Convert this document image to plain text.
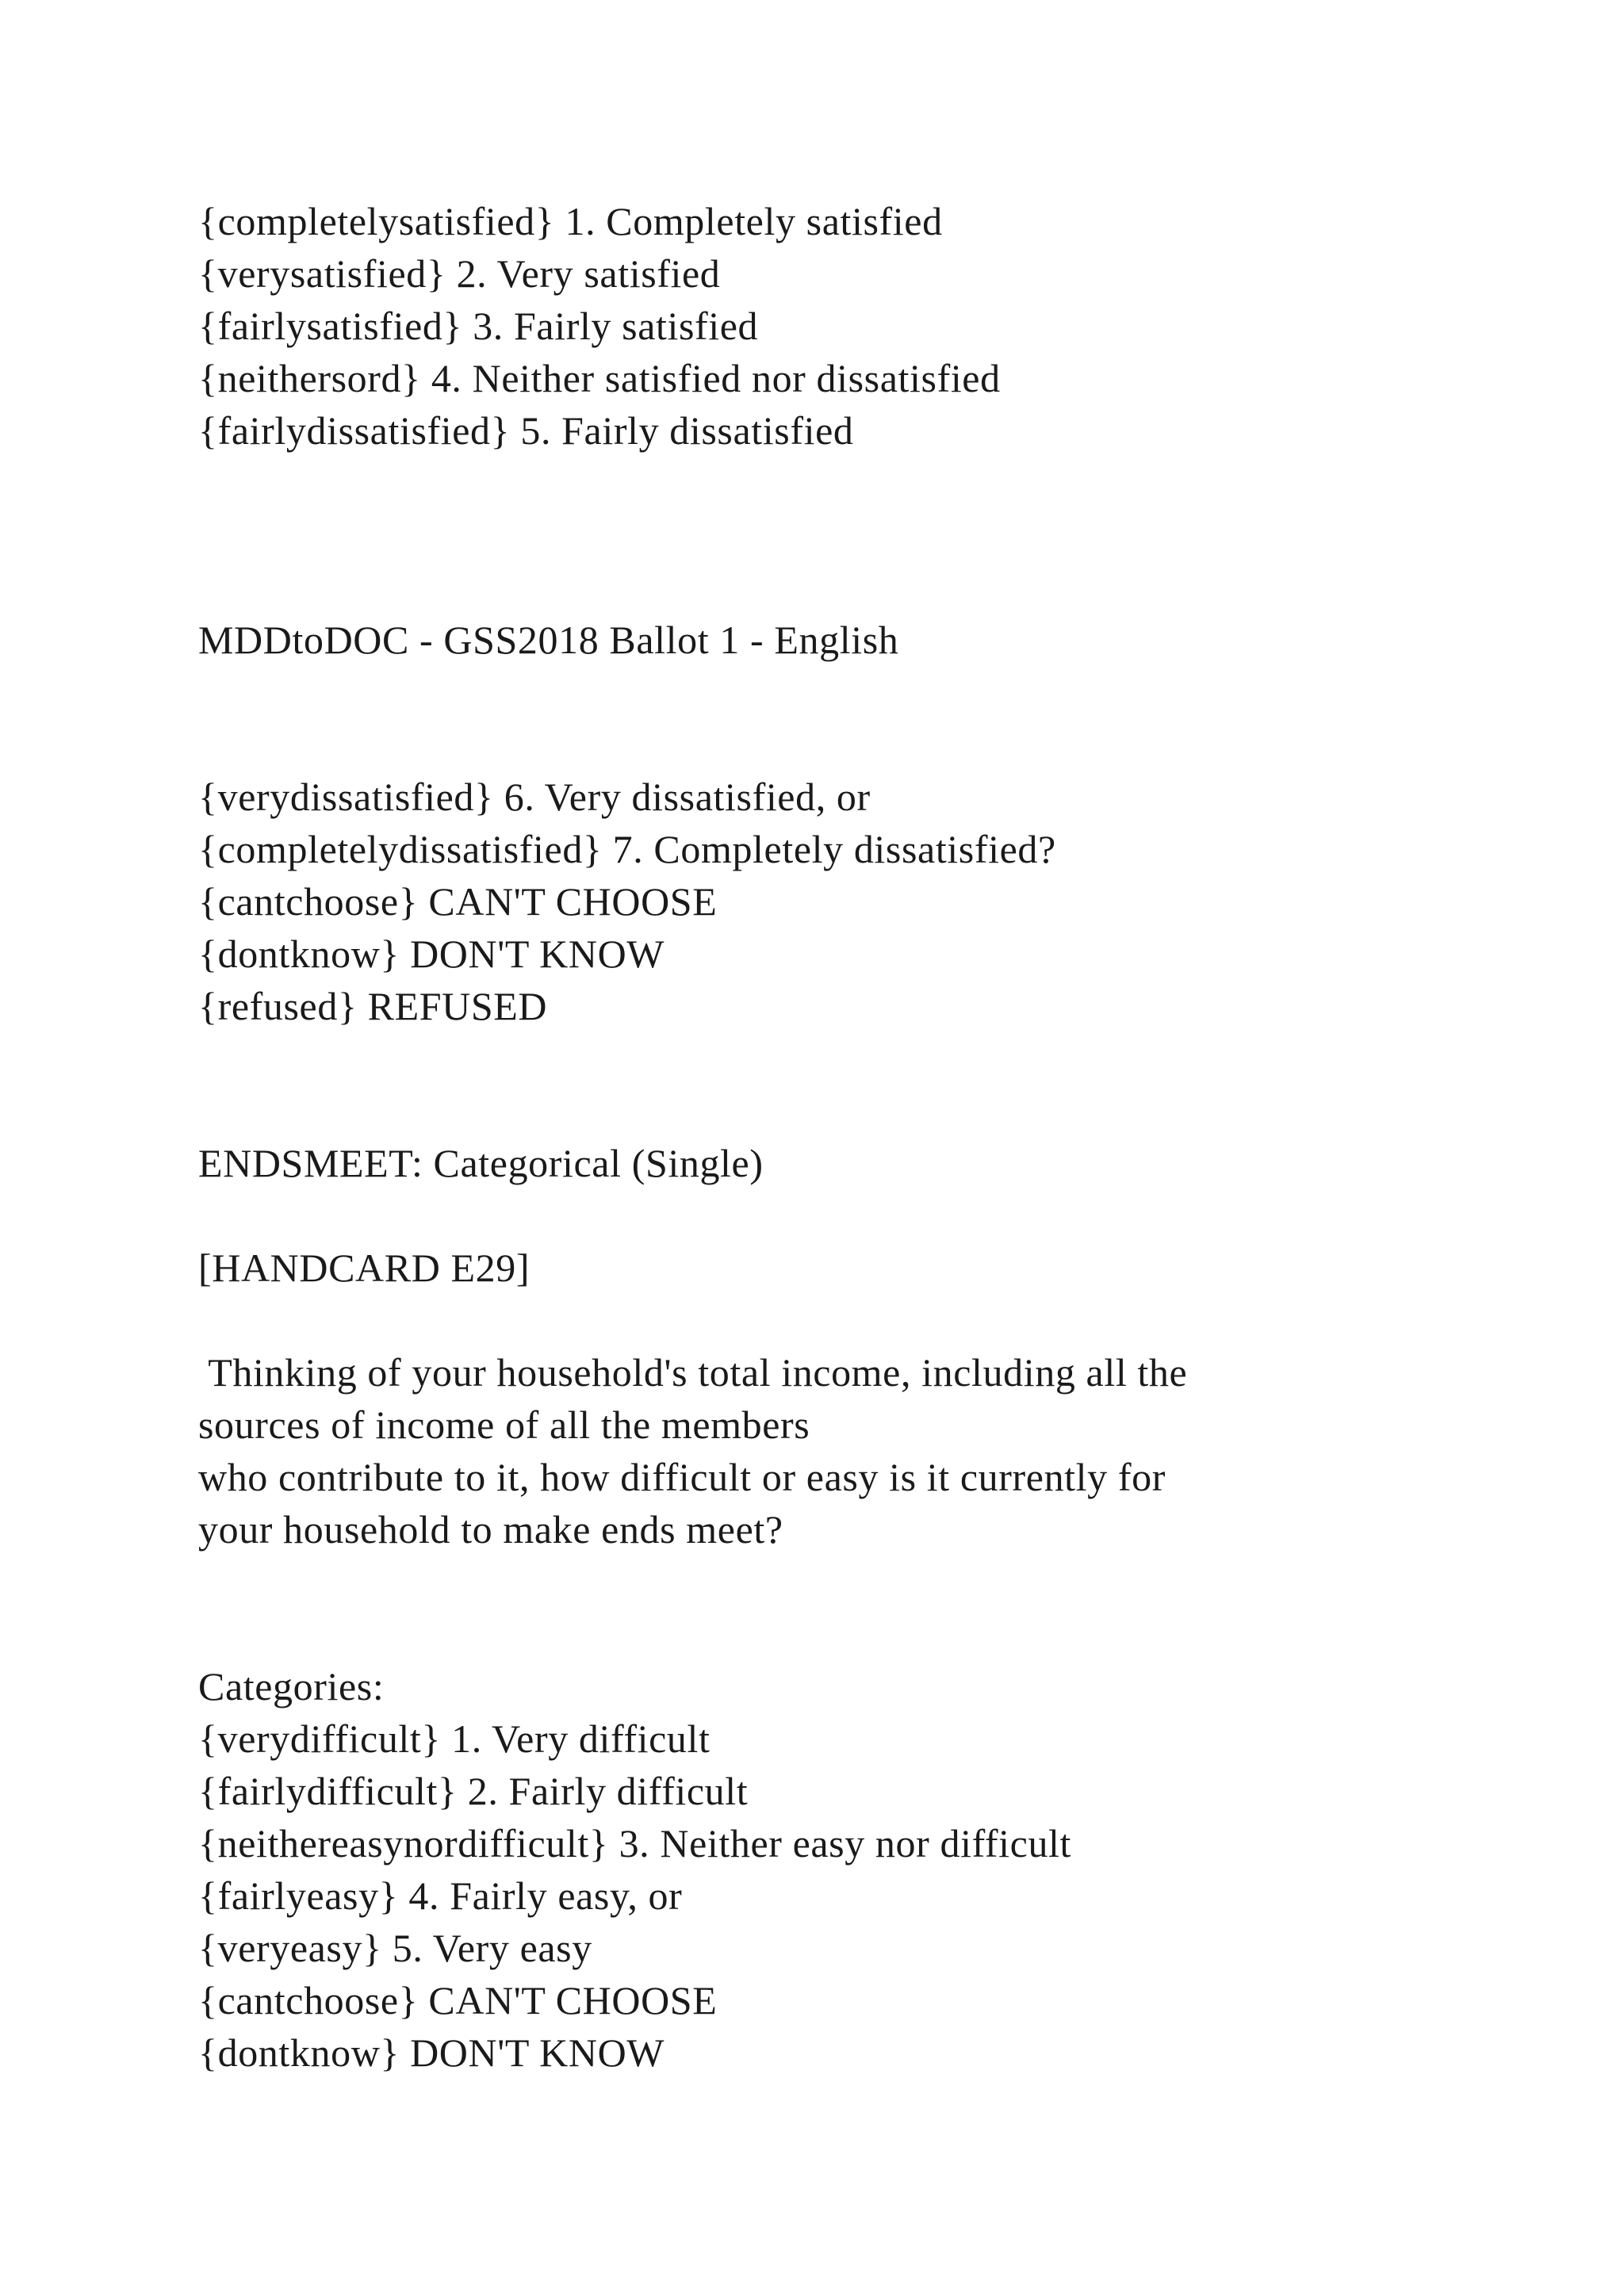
{completelysatisfied} 1. Completely satisfied

{verysatisfied} 2. Very satisfied

{fairlysatisfied} 3. Fairly satisfied

{neithersord} 4. Neither satisfied nor dissatisfied

{fairlydissatisfied} 5. Fairly dissatisfied

MDDtoDOC - GSS2018 Ballot 1 - English

{verydissatisfied} 6. Very dissatisfied, or

{completelydissatisfied} 7. Completely dissatisfied?

{cantchoose} CAN'T CHOOSE

{dontknow} DON'T KNOW

{refused} REFUSED

ENDSMEET: Categorical (Single)

[HANDCARD E29]

Thinking of your household's total income, including all the

sources of income of all the members

who contribute to it, how difficult or easy is it currently for

your household to make ends meet?

Categories:

{verydifficult} 1. Very difficult

{fairlydifficult} 2. Fairly difficult

{neithereasynordifficult} 3. Neither easy nor difficult

{fairlyeasy} 4. Fairly easy, or

{veryeasy} 5. Very easy

{cantchoose} CAN'T CHOOSE

{dontknow} DON'T KNOW
